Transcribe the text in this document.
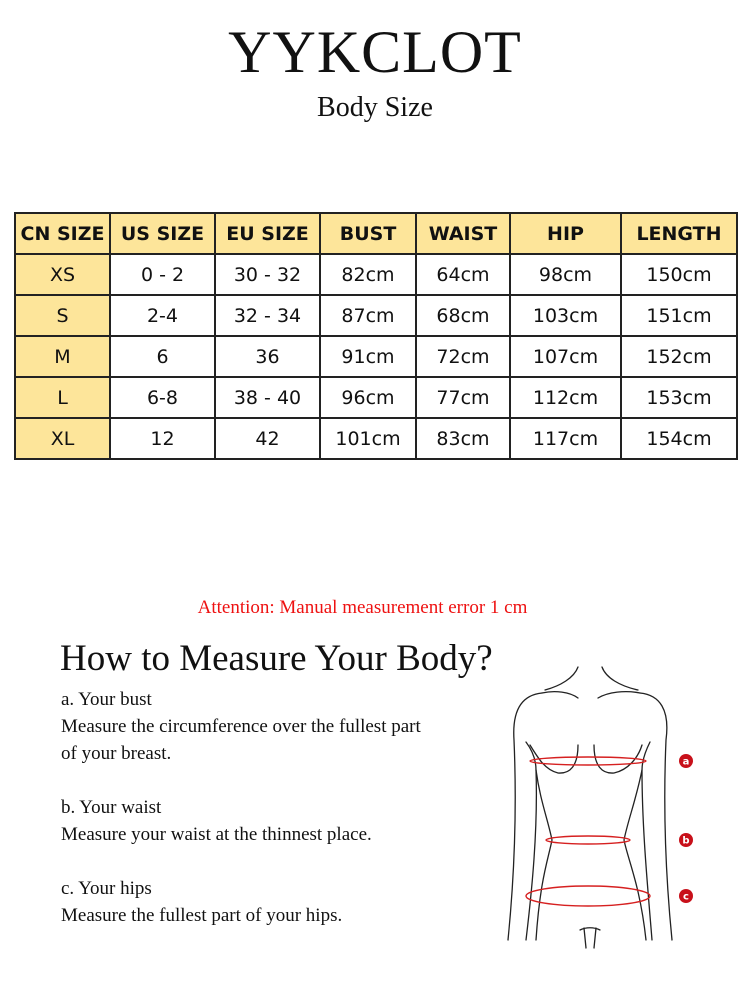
YYKCLOT
Body Size
CN SIZE	US SIZE	EU SIZE	BUST	WAIST	HIP	LENGTH
XS	0 - 2	30 - 32	82cm	64cm	98cm	150cm
S	2-4	32 - 34	87cm	68cm	103cm	151cm
M	6	36	91cm	72cm	107cm	152cm
L	6-8	38 - 40	96cm	77cm	112cm	153cm
XL	12	42	101cm	83cm	117cm	154cm
Attention: Manual measurement error 1 cm
How to Measure Your Body?

a. Your bust

Measure the circumference over the fullest part

of your breast.

b. Your waist

Measure your waist at the thinnest place.

c. Your hips

Measure the fullest part of your hips.

a
b
c
